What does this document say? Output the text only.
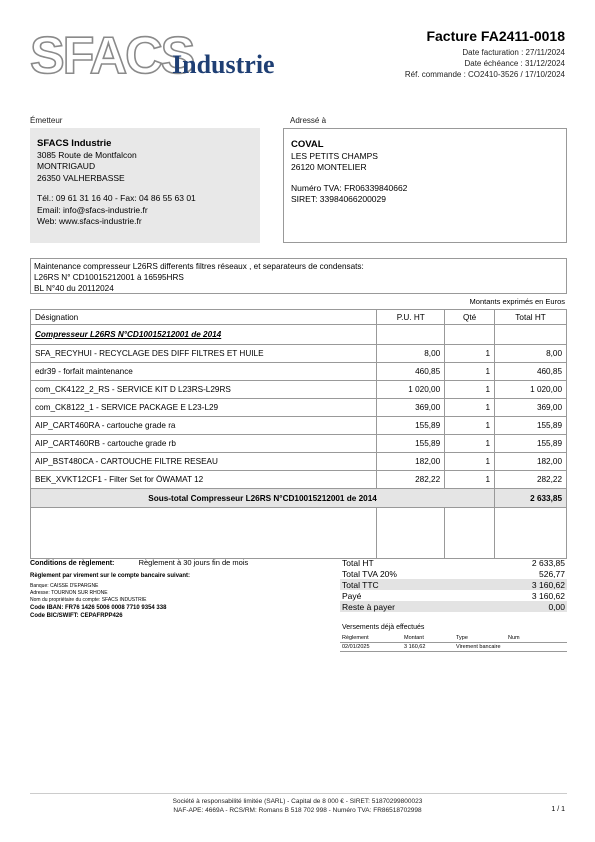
SFACS
Industrie
Facture FA2411-0018
Date facturation : 27/11/2024
Date échéance : 31/12/2024
Réf. commande : CO2410-3526 / 17/10/2024
Émetteur
SFACS Industrie
3085 Route de Montfalcon
MONTRIGAUD
26350 VALHERBASSE
Tél.: 09 61 31 16 40 - Fax: 04 86 55 63 01
Email: info@sfacs-industrie.fr
Web: www.sfacs-industrie.fr
Adressé à
COVAL
LES PETITS CHAMPS
26120 MONTELIER
Numéro TVA: FR06339840662
SIRET: 33984066200029
Maintenance compresseur L26RS differents filtres réseaux , et separateurs de condensats:
L26RS N° CD10015212001 à 16595HRS
BL N°40 du 20112024
Montants exprimés en Euros
Désignation	P.U. HT	Qté	Total HT
Compresseur L26RS N°CD10015212001 de 2014			
SFA_RECYHUI - RECYCLAGE DES DIFF FILTRES ET HUILE	8,00	1	8,00
edr39 - forfait maintenance	460,85	1	460,85
com_CK4122_2_RS - SERVICE KIT D L23RS-L29RS	1 020,00	1	1 020,00
com_CK8122_1 - SERVICE PACKAGE E L23-L29	369,00	1	369,00
AIP_CART460RA - cartouche grade ra	155,89	1	155,89
AIP_CART460RB - cartouche grade rb	155,89	1	155,89
AIP_BST480CA - CARTOUCHE FILTRE RESEAU	182,00	1	182,00
BEK_XVKT12CF1 - Filter Set for ÖWAMAT 12	282,22	1	282,22
Sous-total Compresseur L26RS N°CD10015212001 de 2014			2 633,85

Conditions de règlement:	Règlement à 30 jours fin de mois
Règlement par virement sur le compte bancaire suivant:
Banque: CAISSE D'EPARGNE
Adresse: TOURNON SUR RHONE
Nom du propriétaire du compte: SFACS INDUSTRIE
Code IBAN: FR76 1426 5006 0008 7710 9354 338
Code BIC/SWIFT: CEPAFRPP426
Total HT	2 633,85
Total TVA 20%	526,77
Total TTC	3 160,62
Payé	3 160,62
Reste à payer	0,00
Versements déjà effectués
Règlement	Montant	Type	Num
02/01/2025	3 160,62	Virement bancaire	
Société à responsabilité limitée (SARL) - Capital de 8 000 € - SIRET: 51870299800023
NAF-APE: 4669A - RCS/RM: Romans B 518 702 998 - Numéro TVA: FR86518702998	1 / 1
